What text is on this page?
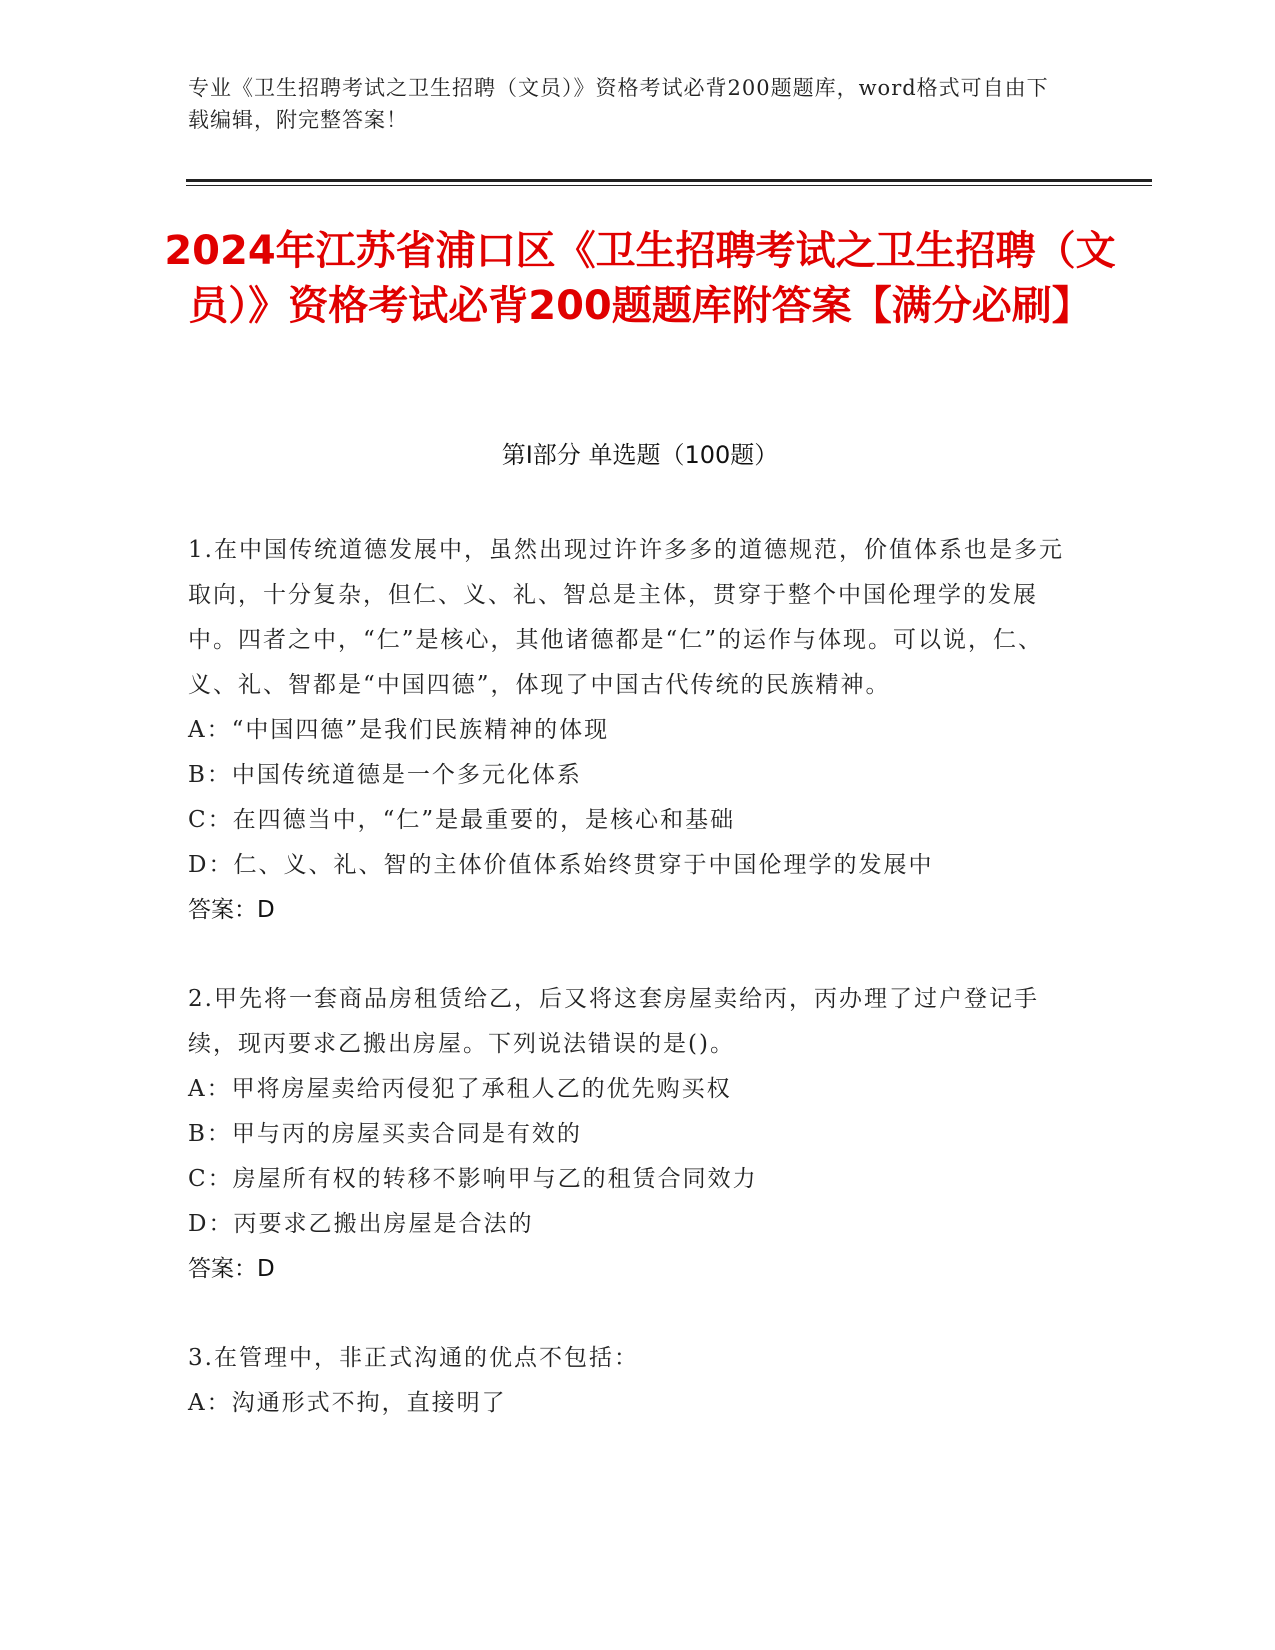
专业《卫生招聘考试之卫生招聘（文员）》资格考试必背200题题库，word格式可自由下载编辑，附完整答案！
2024年江苏省浦口区《卫生招聘考试之卫生招聘（文员）》资格考试必背200题题库附答案【满分必刷】
第I部分 单选题（100题）

1.在中国传统道德发展中，虽然出现过许许多多的道德规范，价值体系也是多元取向，十分复杂，但仁、义、礼、智总是主体，贯穿于整个中国伦理学的发展中。四者之中，“仁”是核心，其他诸德都是“仁”的运作与体现。可以说，仁、义、礼、智都是“中国四德”，体现了中国古代传统的民族精神。

A：“中国四德”是我们民族精神的体现

B：中国传统道德是一个多元化体系

C：在四德当中，“仁”是最重要的，是核心和基础

D：仁、义、礼、智的主体价值体系始终贯穿于中国伦理学的发展中

答案：D

2.甲先将一套商品房租赁给乙，后又将这套房屋卖给丙，丙办理了过户登记手续，现丙要求乙搬出房屋。下列说法错误的是()。

A：甲将房屋卖给丙侵犯了承租人乙的优先购买权

B：甲与丙的房屋买卖合同是有效的

C：房屋所有权的转移不影响甲与乙的租赁合同效力

D：丙要求乙搬出房屋是合法的

答案：D

3.在管理中，非正式沟通的优点不包括：

A：沟通形式不拘，直接明了
